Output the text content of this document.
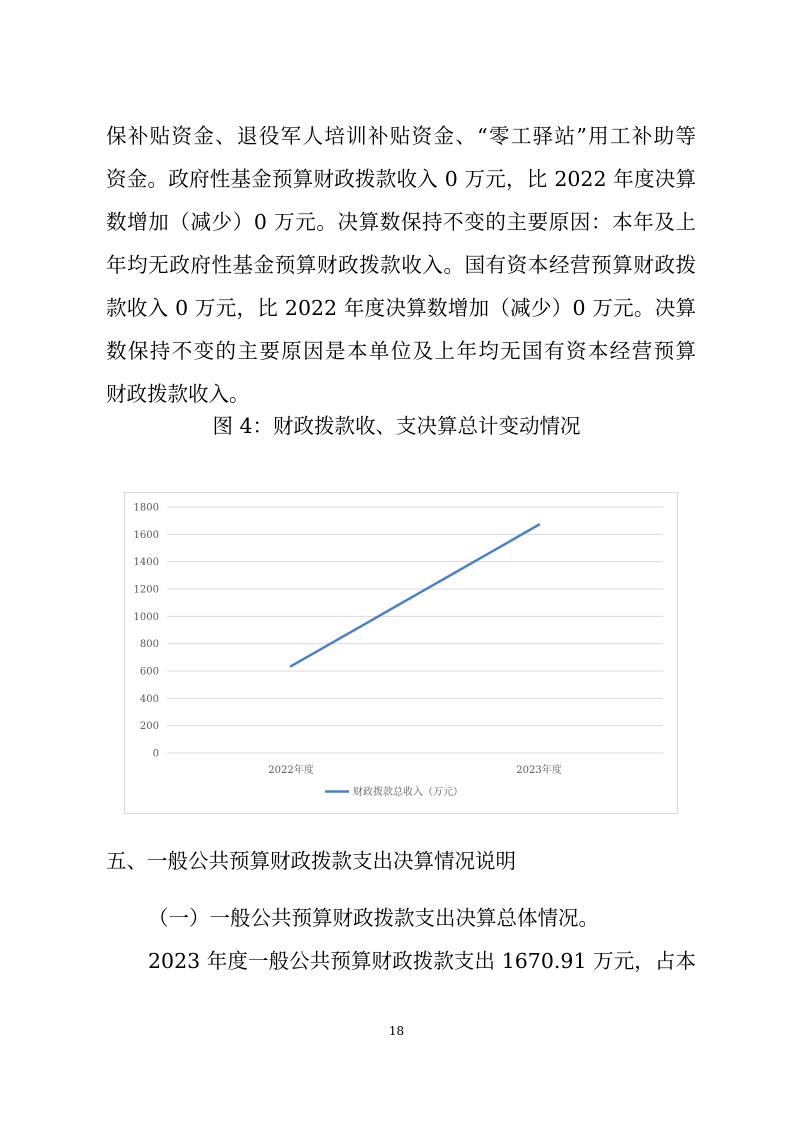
保补贴资金、退役军人培训补贴资金、“零工驿站”用工补助等
资金。政府性基金预算财政拨款收入 0 万元，比 2022 年度决算
数增加（减少）0 万元。决算数保持不变的主要原因：本年及上
年均无政府性基金预算财政拨款收入。国有资本经营预算财政拨
款收入 0 万元，比 2022 年度决算数增加（减少）0 万元。决算
数保持不变的主要原因是本单位及上年均无国有资本经营预算
财政拨款收入。
图 4：财政拨款收、支决算总计变动情况
0
200
400
600
800
1000
1200
1400
1600
1800
2022年度	2023年度
财政拨款总收入（万元）
五、一般公共预算财政拨款支出决算情况说明
（一）一般公共预算财政拨款支出决算总体情况。
2023 年度一般公共预算财政拨款支出 1670.91 万元，占本
18
